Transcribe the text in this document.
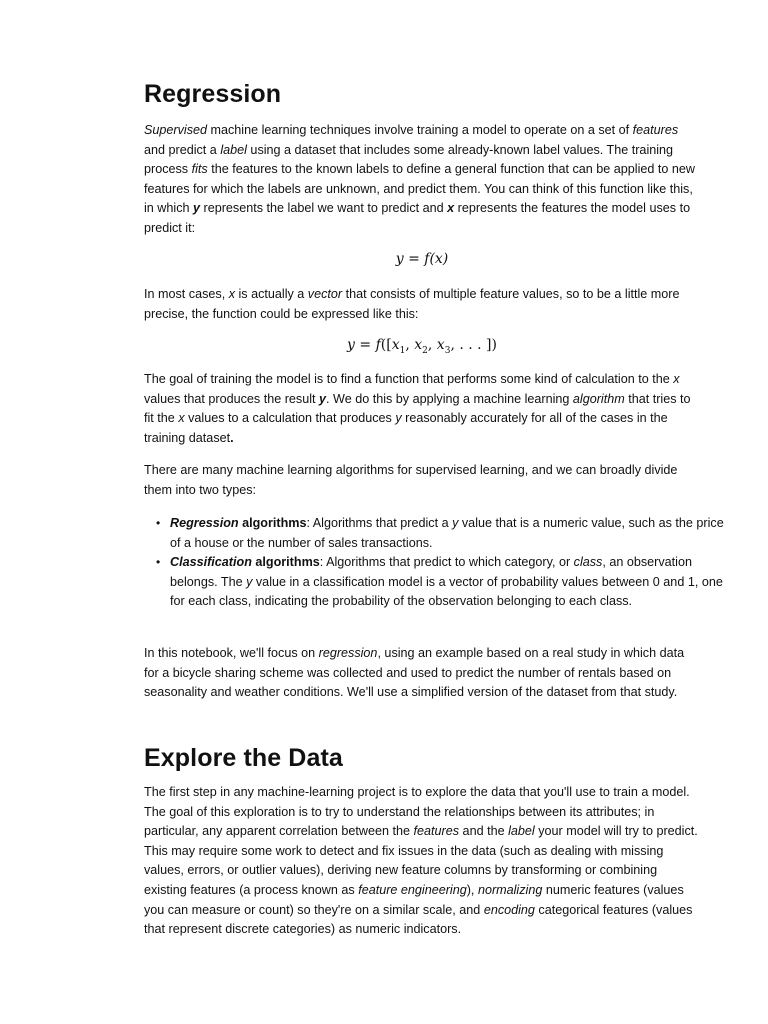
Regression

Supervised machine learning techniques involve training a model to operate on a set of features and predict a label using a dataset that includes some already-known label values. The training process fits the features to the known labels to define a general function that can be applied to new features for which the labels are unknown, and predict them. You can think of this function like this, in which y represents the label we want to predict and x represents the features the model uses to predict it:

y = f(x)

In most cases, x is actually a vector that consists of multiple feature values, so to be a little more precise, the function could be expressed like this:

$y = f([x_1$, $x_2$, $x_3$, . . . ])

The goal of training the model is to find a function that performs some kind of calculation to the x values that produces the result y. We do this by applying a machine learning algorithm that tries to fit the x values to a calculation that produces y reasonably accurately for all of the cases in the training dataset.

There are many machine learning algorithms for supervised learning, and we can broadly divide them into two types:

• Regression algorithms: Algorithms that predict a y value that is a numeric value, such as the price of a house or the number of sales transactions.
• Classification algorithms: Algorithms that predict to which category, or class, an observation belongs. The y value in a classification model is a vector of probability values between 0 and 1, one for each class, indicating the probability of the observation belonging to each class.

In this notebook, we'll focus on regression, using an example based on a real study in which data for a bicycle sharing scheme was collected and used to predict the number of rentals based on seasonality and weather conditions. We'll use a simplified version of the dataset from that study.

Explore the Data

The first step in any machine-learning project is to explore the data that you'll use to train a model. The goal of this exploration is to try to understand the relationships between its attributes; in particular, any apparent correlation between the features and the label your model will try to predict. This may require some work to detect and fix issues in the data (such as dealing with missing values, errors, or outlier values), deriving new feature columns by transforming or combining existing features (a process known as feature engineering), normalizing numeric features (values you can measure or count) so they're on a similar scale, and encoding categorical features (values that represent discrete categories) as numeric indicators.
